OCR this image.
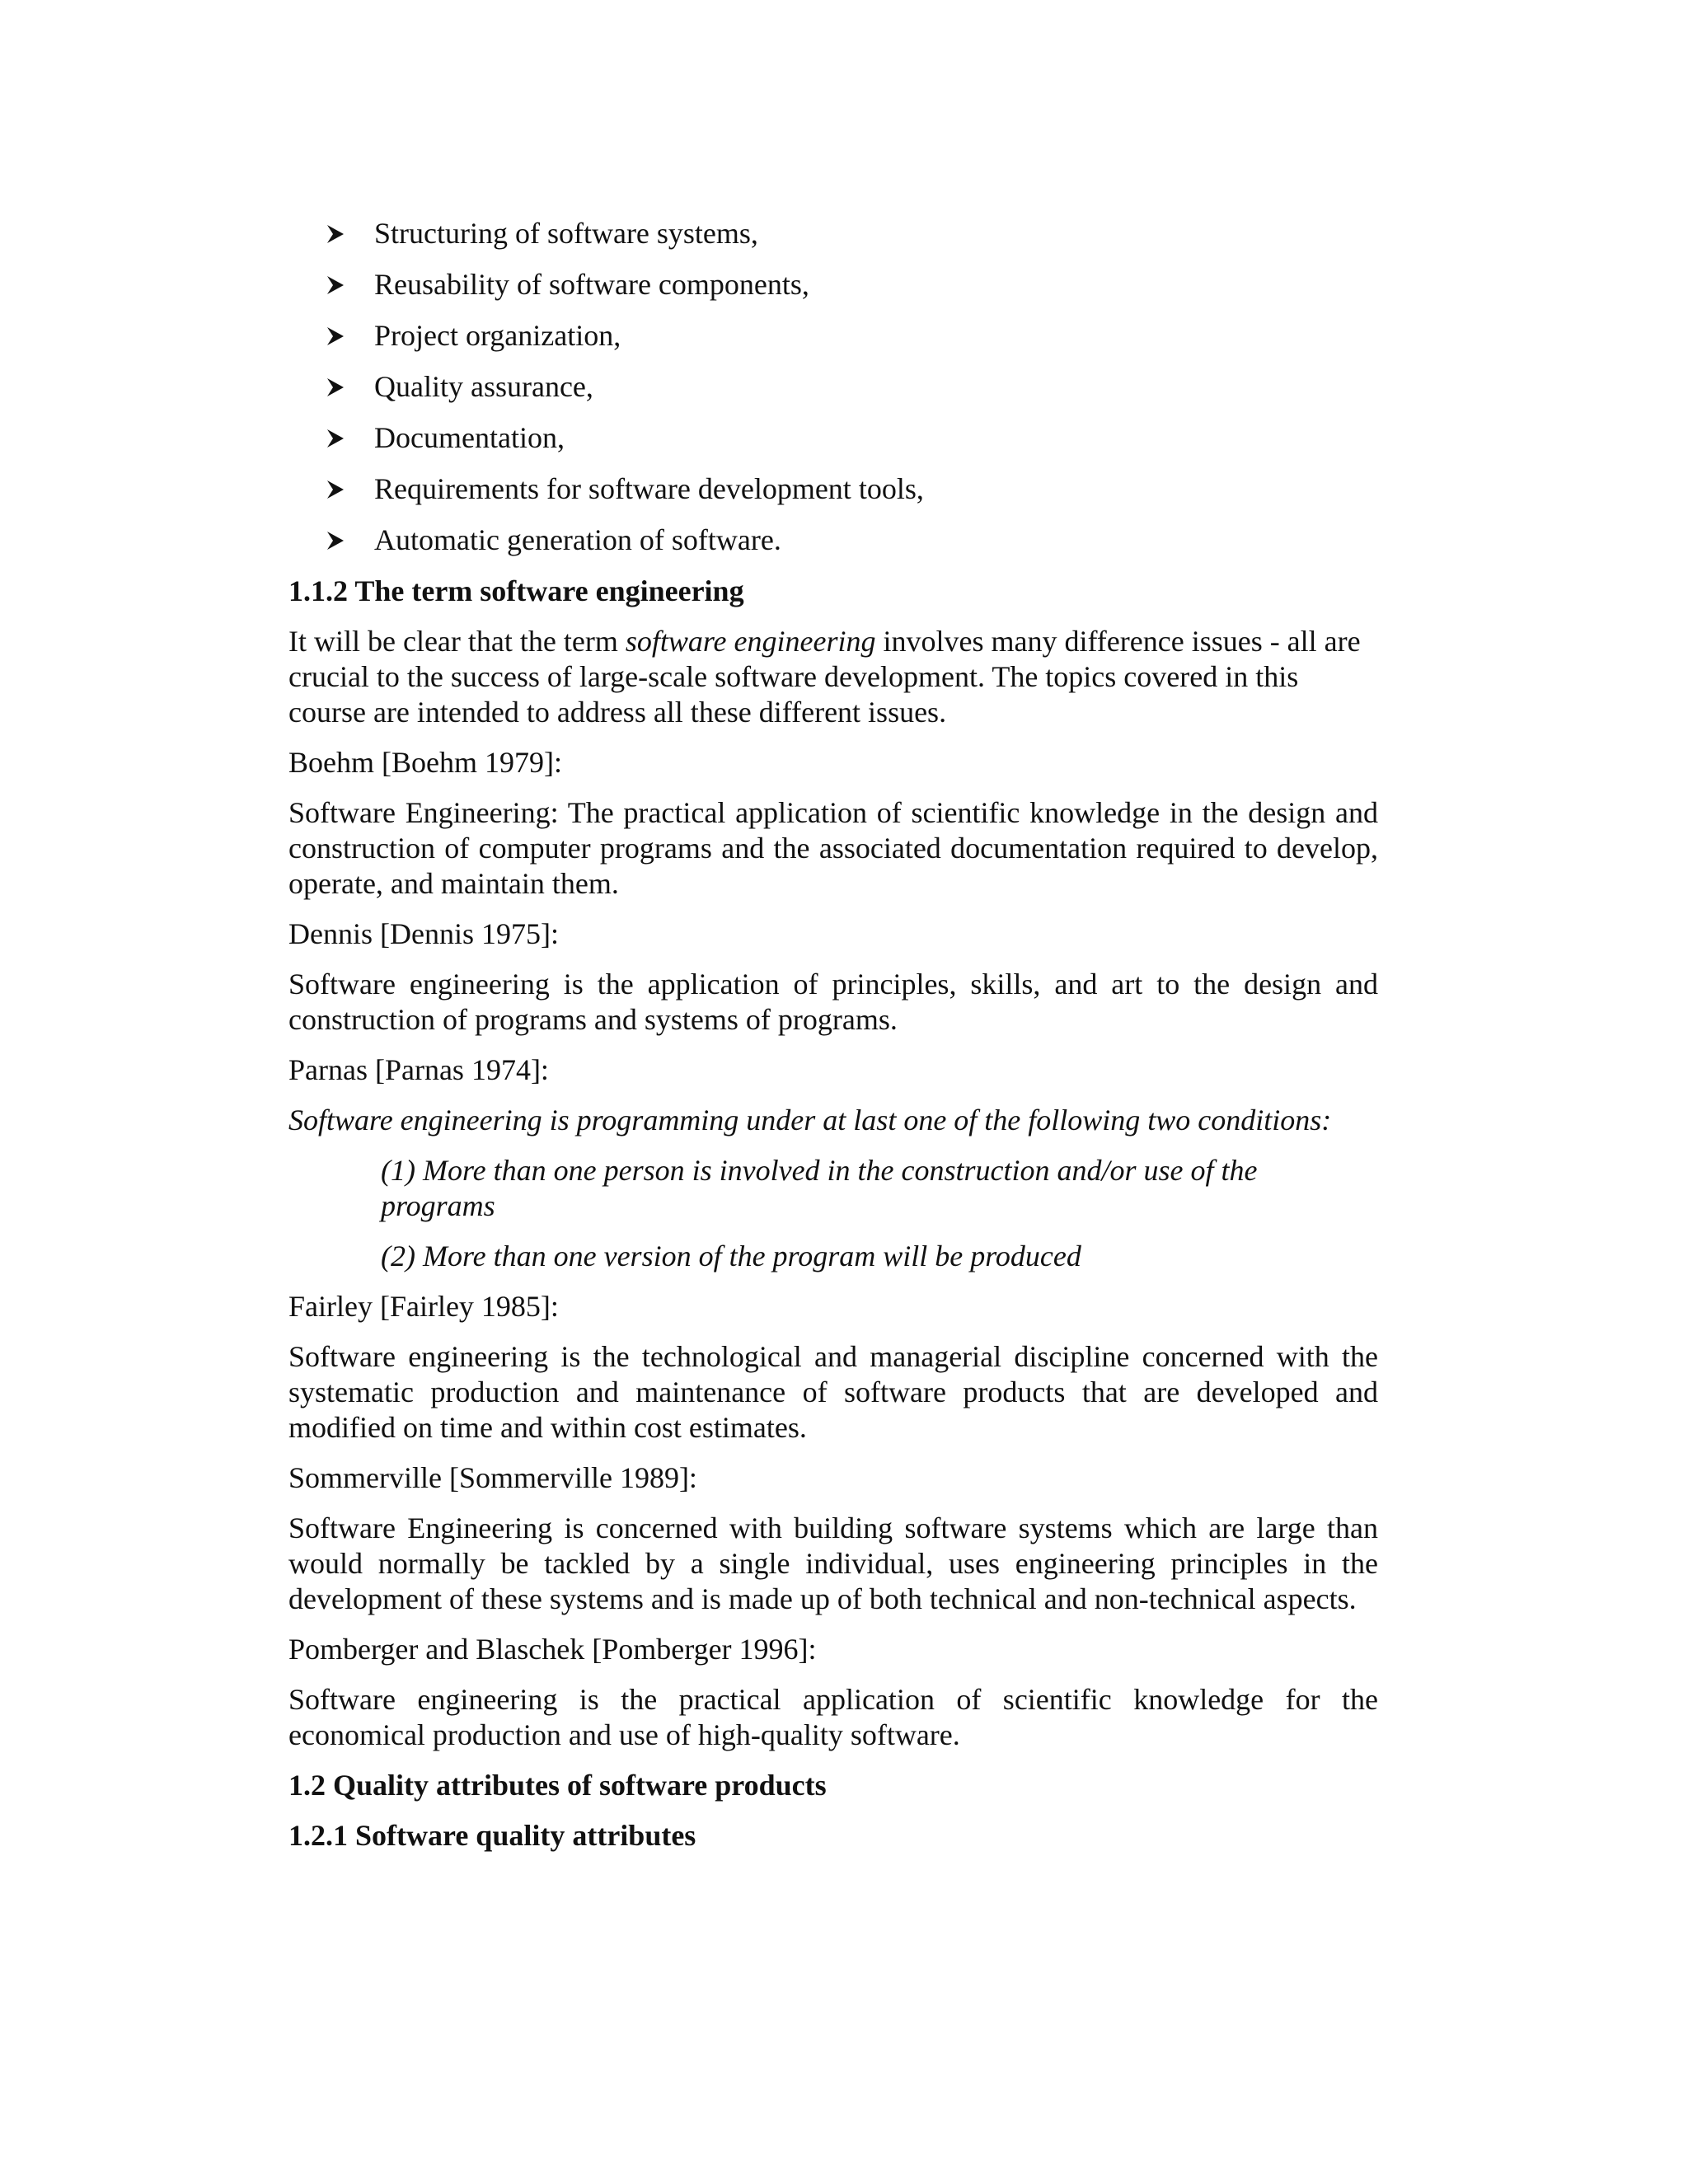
Structuring of software systems,
Reusability of software components,
Project organization,
Quality assurance,
Documentation,
Requirements for software development tools,
Automatic generation of software.
1.1.2 The term software engineering
It will be clear that the term software engineering involves many difference issues - all are crucial to the success of large-scale software development. The topics covered in this course are intended to address all these different issues.
Boehm [Boehm 1979]:
Software Engineering: The practical application of scientific knowledge in the design and construction of computer programs and the associated documentation required to develop, operate, and maintain them.
Dennis [Dennis 1975]:
Software engineering is the application of principles, skills, and art to the design and construction of programs and systems of programs.
Parnas [Parnas 1974]:
Software engineering is programming under at last one of the following two conditions:
(1) More than one person is involved in the construction and/or use of the programs
(2) More than one version of the program will be produced
Fairley [Fairley 1985]:
Software engineering is the technological and managerial discipline concerned with the systematic production and maintenance of software products that are developed and modified on time and within cost estimates.
Sommerville [Sommerville 1989]:
Software Engineering is concerned with building software systems which are large than would normally be tackled by a single individual, uses engineering principles in the development of these systems and is made up of both technical and non-technical aspects.
Pomberger and Blaschek [Pomberger 1996]:
Software engineering is the practical application of scientific knowledge for the economical production and use of high-quality software.
1.2 Quality attributes of software products
1.2.1 Software quality attributes
